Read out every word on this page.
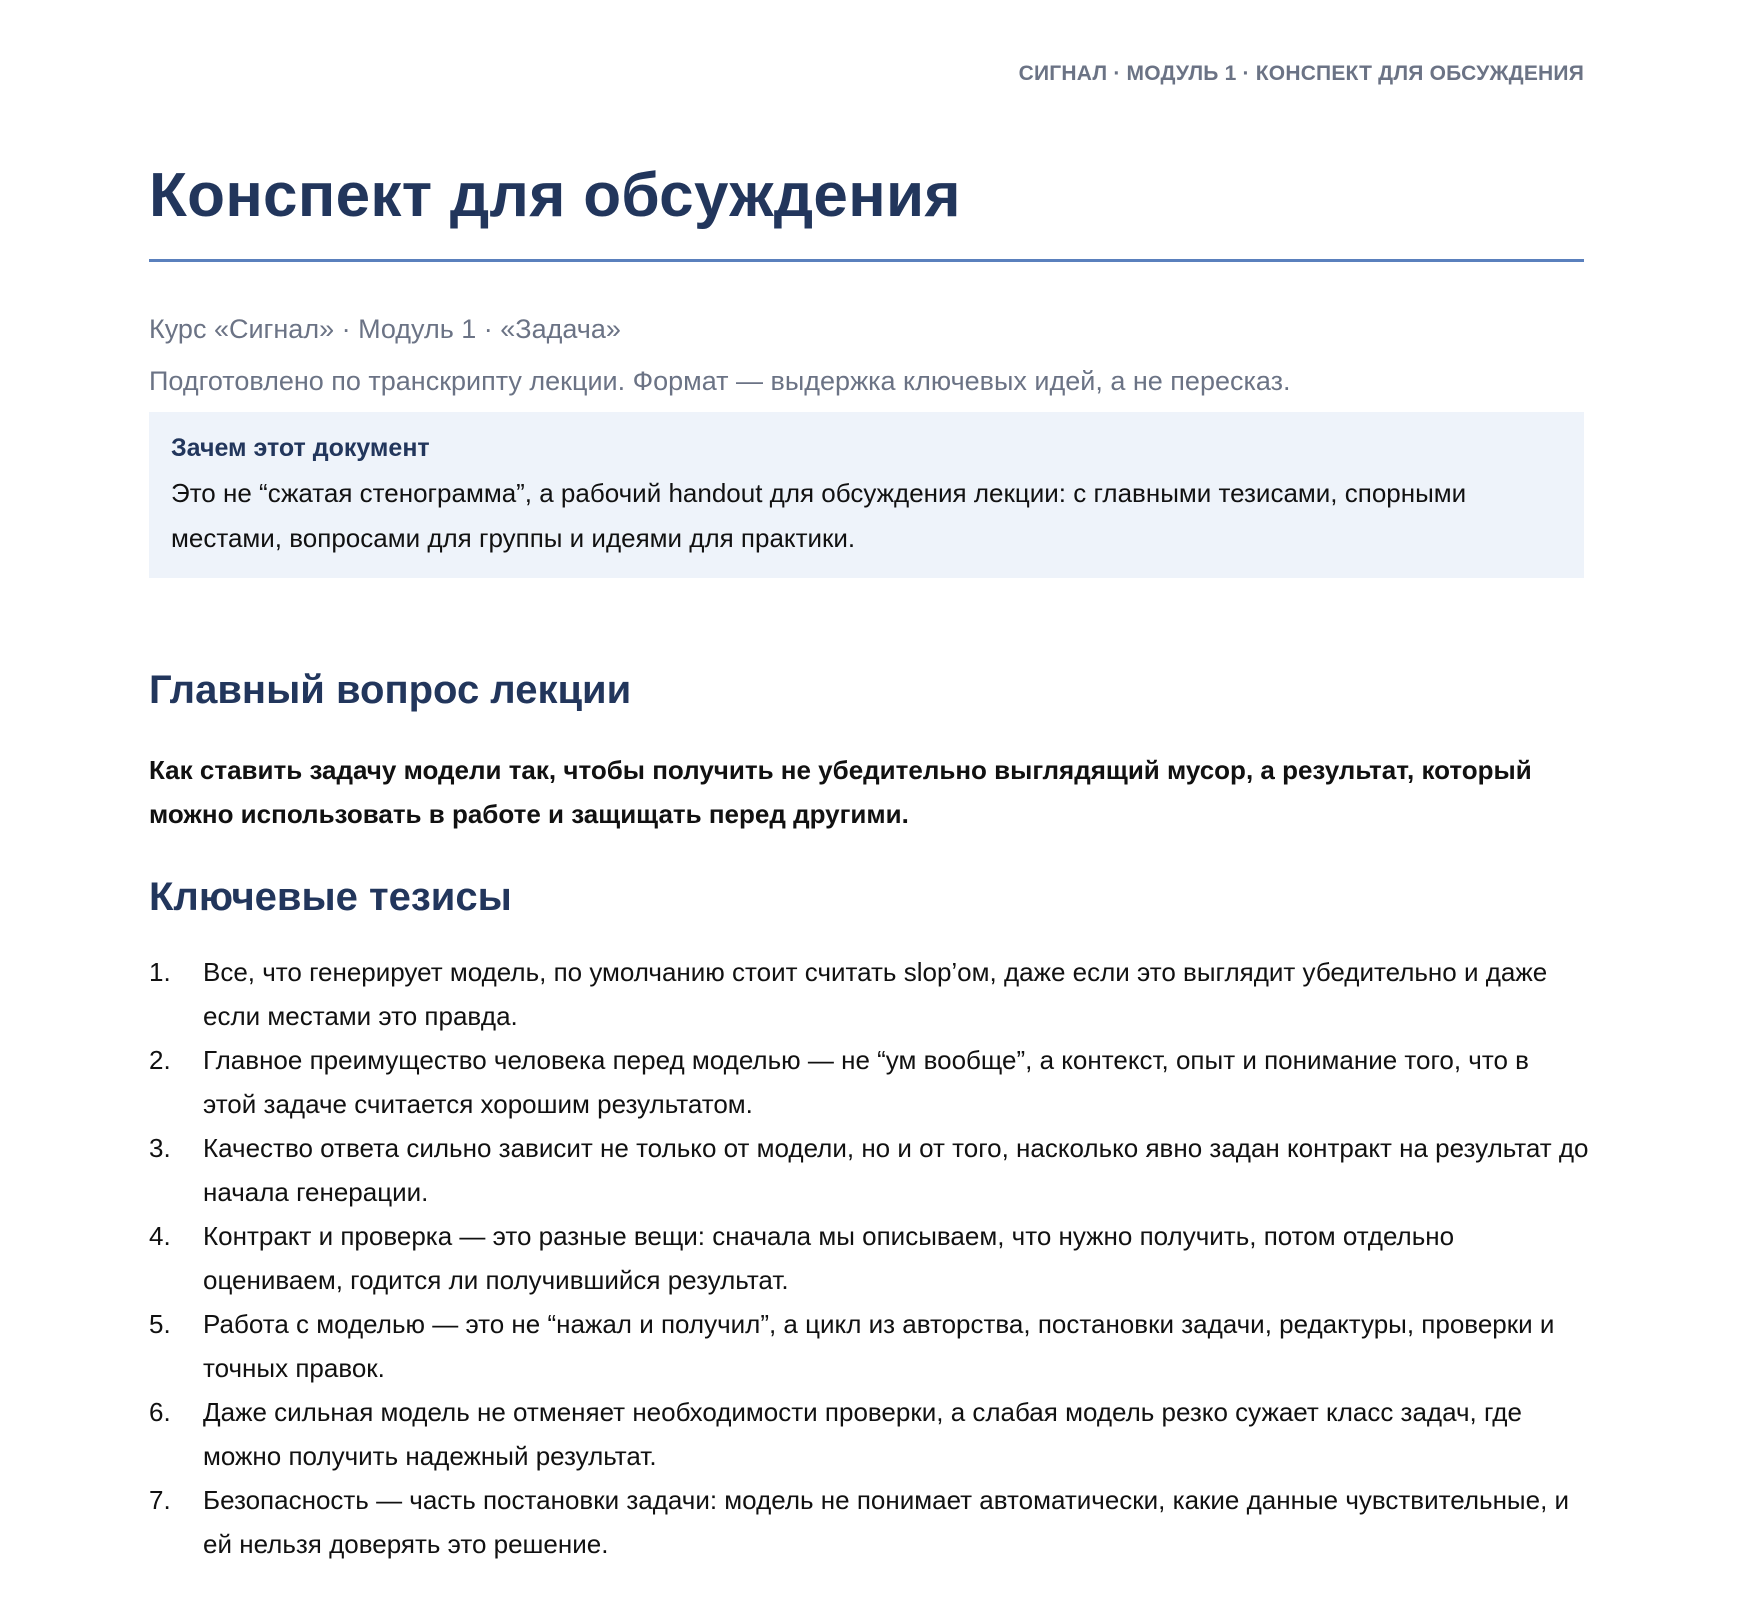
СИГНАЛ · МОДУЛЬ 1 · КОНСПЕКТ ДЛЯ ОБСУЖДЕНИЯ
Конспект для обсуждения
Курс «Сигнал» · Модуль 1 · «Задача»
Подготовлено по транскрипту лекции. Формат — выдержка ключевых идей, а не пересказ.
Зачем этот документ

Это не “сжатая стенограмма”, а рабочий handout для обсуждения лекции: с главными тезисами, спорными местами, вопросами для группы и идеями для практики.

Главный вопрос лекции
Как ставить задачу модели так, чтобы получить не убедительно выглядящий мусор, а результат, который можно использовать в работе и защищать перед другими.
Ключевые тезисы
1. Все, что генерирует модель, по умолчанию стоит считать slop’ом, даже если это выглядит убедительно и даже если местами это правда.
2. Главное преимущество человека перед моделью — не “ум вообще”, а контекст, опыт и понимание того, что в этой задаче считается хорошим результатом.
3. Качество ответа сильно зависит не только от модели, но и от того, насколько явно задан контракт на результат до начала генерации.
4. Контракт и проверка — это разные вещи: сначала мы описываем, что нужно получить, потом отдельно оцениваем, годится ли получившийся результат.
5. Работа с моделью — это не “нажал и получил”, а цикл из авторства, постановки задачи, редактуры, проверки и точных правок.
6. Даже сильная модель не отменяет необходимости проверки, а слабая модель резко сужает класс задач, где можно получить надежный результат.
7. Безопасность — часть постановки задачи: модель не понимает автоматически, какие данные чувствительные, и ей нельзя доверять это решение.
